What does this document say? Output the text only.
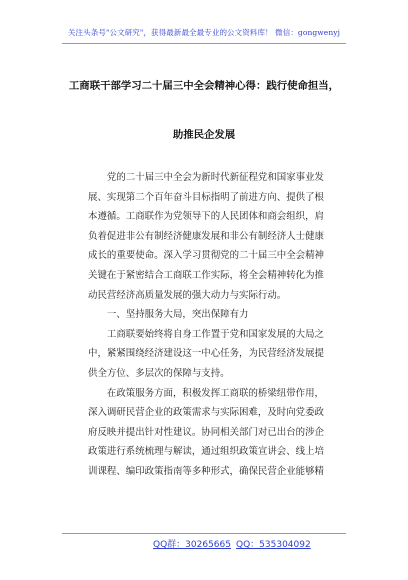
关注头条号"公文研究"，获得最新最全最专业的公文资料库！ 微信：gongwenyj
工商联干部学习二十届三中全会精神心得：践行使命担当，
助推民企发展

党的二十届三中全会为新时代新征程党和国家事业发展、实现第二个百年奋斗目标指明了前进方向、提供了根本遵循。工商联作为党领导下的人民团体和商会组织，肩负着促进非公有制经济健康发展和非公有制经济人士健康成长的重要使命。深入学习贯彻党的二十届三中全会精神关键在于紧密结合工商联工作实际，将全会精神转化为推动民营经济高质量发展的强大动力与实际行动。

一、坚持服务大局，突出保障有力

工商联要始终将自身工作置于党和国家发展的大局之中，紧紧围绕经济建设这一中心任务，为民营经济发展提供全方位、多层次的保障与支持。

在政策服务方面，积极发挥工商联的桥梁纽带作用，深入调研民营企业的政策需求与实际困难，及时向党委政府反映并提出针对性建议。协同相关部门对已出台的涉企政策进行系统梳理与解读，通过组织政策宣讲会、线上培训课程、编印政策指南等多种形式，确保民营企业能够精

QQ群：30265665 QQ：535304092
